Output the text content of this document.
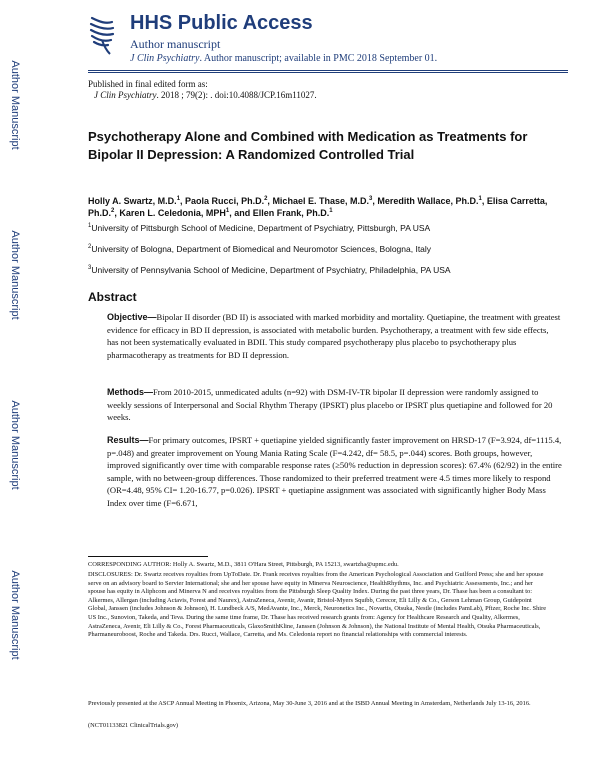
Author Manuscript
Author Manuscript
Author Manuscript
Author Manuscript
HHS Public Access
Author manuscript
J Clin Psychiatry. Author manuscript; available in PMC 2018 September 01.
Published in final edited form as:
J Clin Psychiatry. 2018 ; 79(2): . doi:10.4088/JCP.16m11027.
Psychotherapy Alone and Combined with Medication as Treatments for Bipolar II Depression: A Randomized Controlled Trial
Holly A. Swartz, M.D.$^1$, Paola Rucci, Ph.D.$^2$, Michael E. Thase, M.D.$^3$, Meredith Wallace, Ph.D.$^1$, Elisa Carretta, Ph.D.$^2$, Karen L. Celedonia, MPH$^1$, and Ellen Frank, Ph.D.$^1$
$^1$University of Pittsburgh School of Medicine, Department of Psychiatry, Pittsburgh, PA USA
$^2$University of Bologna, Department of Biomedical and Neuromotor Sciences, Bologna, Italy
$^3$University of Pennsylvania School of Medicine, Department of Psychiatry, Philadelphia, PA USA
Abstract
Objective—Bipolar II disorder (BD II) is associated with marked morbidity and mortality. Quetiapine, the treatment with greatest evidence for efficacy in BD II depression, is associated with metabolic burden. Psychotherapy, a treatment with few side effects, has not been systematically evaluated in BDII. This study compared psychotherapy plus placebo to psychotherapy plus pharmacotherapy as treatments for BD II depression.
Methods—From 2010-2015, unmedicated adults (n=92) with DSM-IV-TR bipolar II depression were randomly assigned to weekly sessions of Interpersonal and Social Rhythm Therapy (IPSRT) plus placebo or IPSRT plus quetiapine and followed for 20 weeks.
Results—For primary outcomes, IPSRT + quetiapine yielded significantly faster improvement on HRSD-17 (F=3.924, df=1115.4, p=.048) and greater improvement on Young Mania Rating Scale (F=4.242, df= 58.5, p=.044) scores. Both groups, however, improved significantly over time with comparable response rates (≥50% reduction in depression scores): 67.4% (62/92) in the entire sample, with no between-group differences. Those randomized to their preferred treatment were 4.5 times more likely to respond (OR=4.48, 95% CI= 1.20-16.77, p=0.026). IPSRT + quetiapine assignment was associated with significantly higher Body Mass Index over time (F=6.671,
CORRESPONDING AUTHOR: Holly A. Swartz, M.D., 3811 O'Hara Street, Pittsburgh, PA 15213, swartzha@upmc.edu.
DISCLOSURES: Dr. Swartz receives royalties from UpToDate. Dr. Frank receives royalties from the American Psychological Association and Guilford Press; she and her spouse serve on an advisory board to Servier International; she and her spouse have equity in Minerva Neuroscience, HealthRhythms, Inc. and Psychiatric Assessments, Inc.; and her spouse has equity in Aliphcom and Minerva N and receives royalties from the Pittsburgh Sleep Quality Index. During the past three years, Dr. Thase has been a consultant to: Alkermes, Allergan (including Actavis, Forest and Naurex), AstraZeneca, Avenir, Avanir, Bristol-Myers Squibb, Cerecor, Eli Lilly & Co., Gerson Lehman Group, Guidepoint Global, Janssen (includes Johnson & Johnson), H. Lundbeck A/S, MedAvante, Inc., Merck, Neuronetics Inc., Novartis, Otsuka, Nestle (includes PamLab), Pfizer, Roche Inc. Shire US Inc., Sunovion, Takeda, and Teva. During the same time frame, Dr. Thase has received research grants from: Agency for Healthcare Research and Quality, Alkermes, AstraZeneca, Avenir, Eli Lilly & Co., Forest Pharmaceuticals, GlaxoSmithKline, Janssen (Johnson & Johnson), the National Institute of Mental Health, Otsuka Pharmaceuticals, Pharmaneuroboost, Roche and Takeda. Drs. Rucci, Wallace, Carretta, and Ms. Celedonia report no financial relationships with commercial interests.
Previously presented at the ASCP Annual Meeting in Phoenix, Arizona, May 30-June 3, 2016 and at the ISBD Annual Meeting in Amsterdam, Netherlands July 13-16, 2016.
(NCT01133821 ClinicalTrials.gov)
